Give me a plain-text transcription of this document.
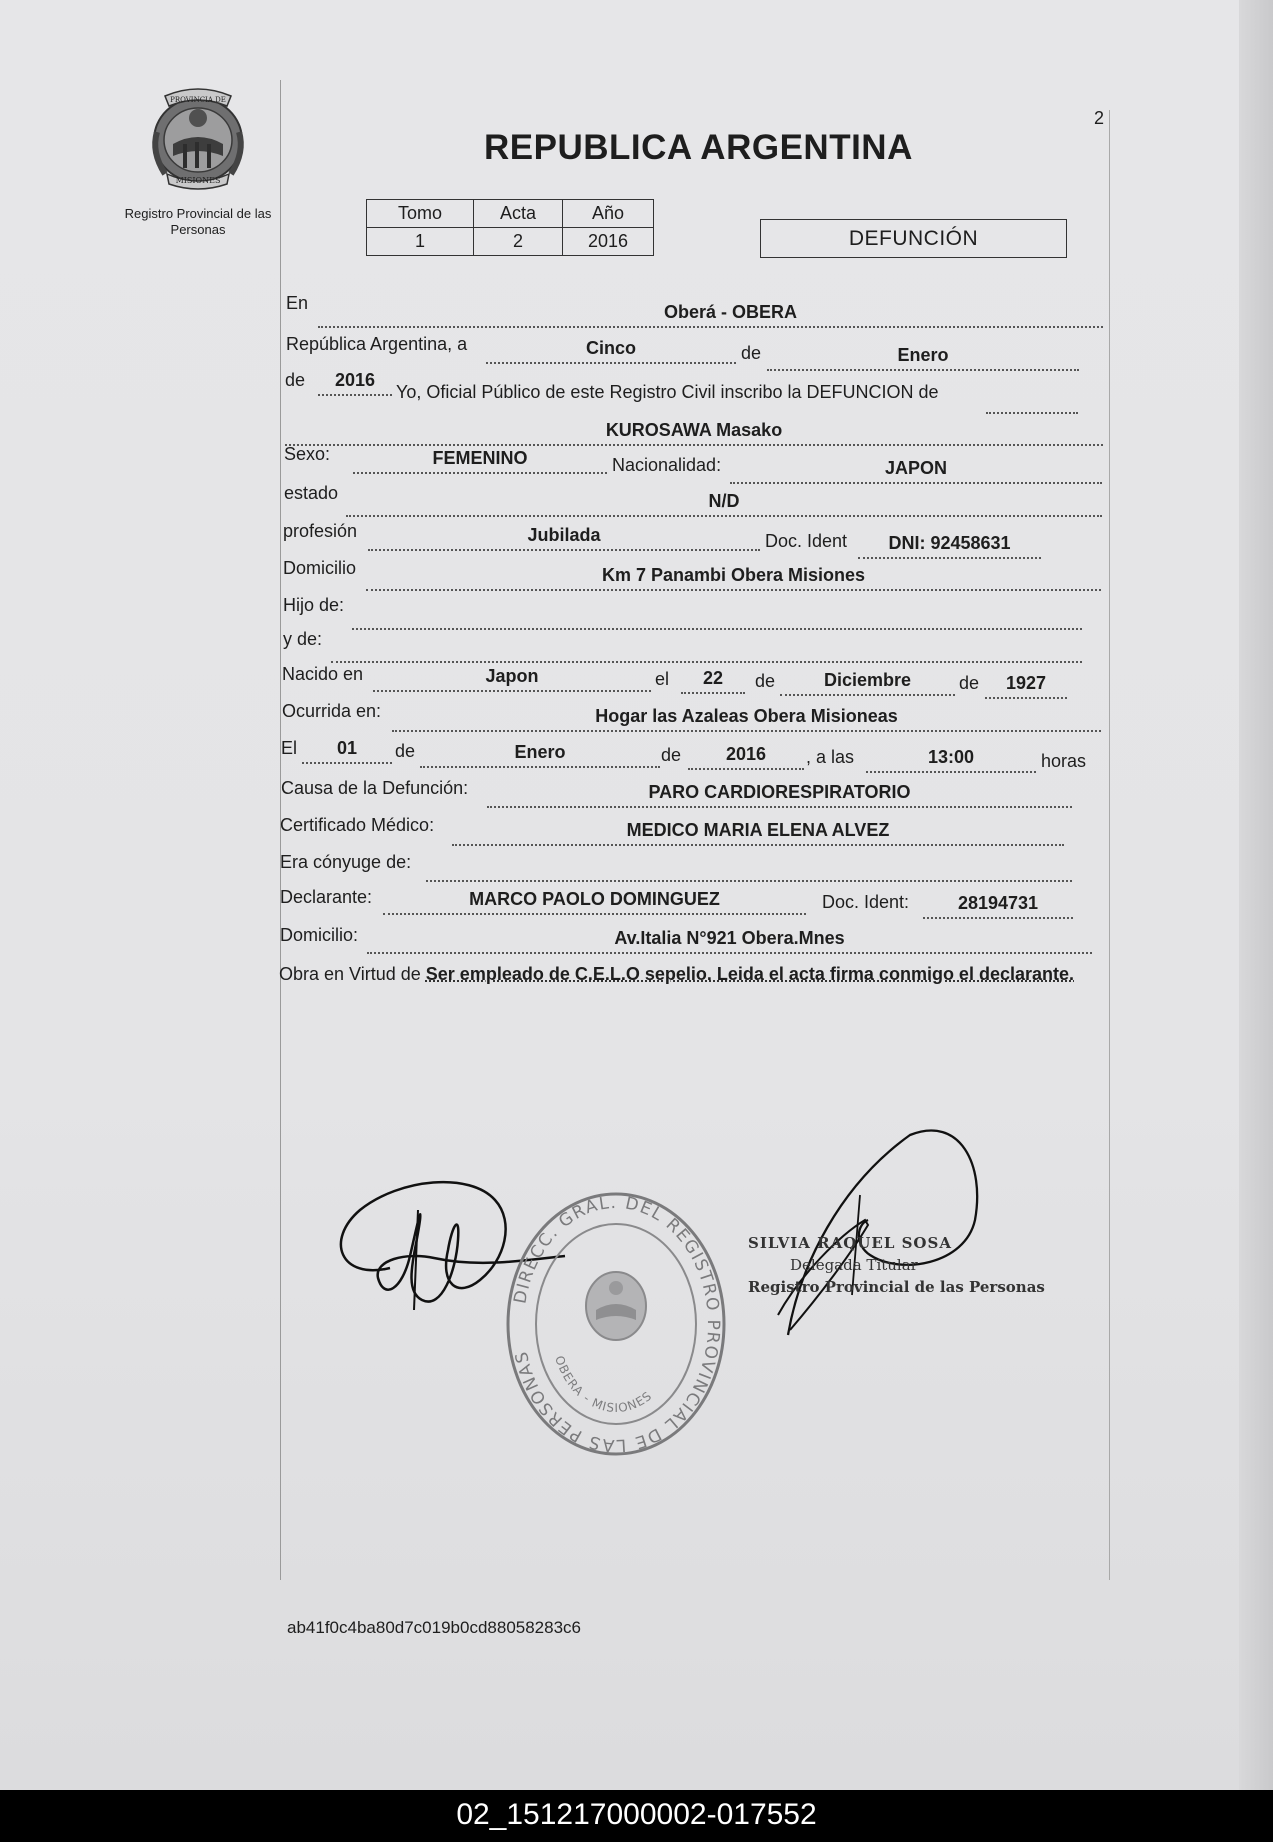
2
PROVINCIA DE
MISIONES
Registro Provincial de las Personas
REPUBLICA ARGENTINA
Tomo	Acta	Año
1	2	2016	DEFUNCIÓN
En	Oberá - OBERA
República Argentina, a	Cinco	de	Enero
de	2016
Yo, Oficial Público de este Registro Civil inscribo la DEFUNCION de
KUROSAWA Masako
Sexo:	FEMENINO	Nacionalidad:	JAPON
estado	N/D
profesión	Jubilada	Doc. Ident	DNI: 92458631
Domicilio	Km 7 Panambi Obera Misiones
Hijo de:
y de:
Nacido en	Japon	el	22	de	Diciembre	de	1927
Ocurrida en:	Hogar las Azaleas Obera Misioneas
El	01	de	Enero	de	2016	, a las	13:00	horas
Causa de la Defunción:	PARO CARDIORESPIRATORIO
Certificado Médico:	MEDICO MARIA ELENA ALVEZ
Era cónyuge de:
Declarante:	MARCO PAOLO DOMINGUEZ	Doc. Ident:	28194731
Domicilio:	Av.Italia N°921 Obera.Mnes
Obra en Virtud de Ser empleado de C.E.L.O sepelio. Leida el acta firma conmigo el declarante.
DIRECC. GRAL. DEL REGISTRO PROVINCIAL DE LAS PERSONAS	OBERA - MISIONES
SILVIA RAQUEL SOSA
Delegada Titular
Registro Provincial de las Personas
ab41f0c4ba80d7c019b0cd88058283c6
02_151217000002-017552
